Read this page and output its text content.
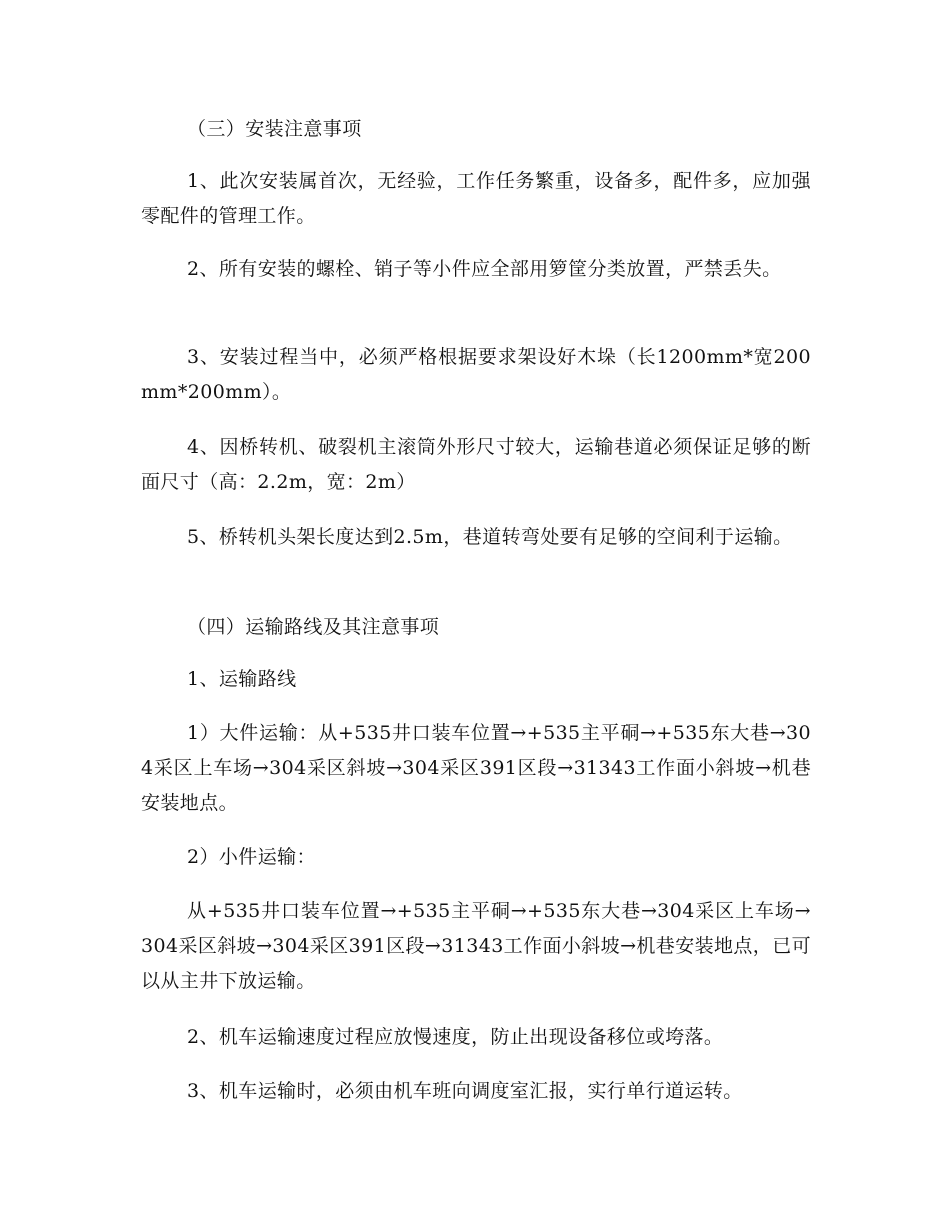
（三）安装注意事项

1、此次安装属首次，无经验，工作任务繁重，设备多，配件多，应加强零配件的管理工作。

2、所有安装的螺栓、销子等小件应全部用箩筐分类放置，严禁丢失。

3、安装过程当中，必须严格根据要求架设好木垛（长1200mm*宽200mm*200mm）。

4、因桥转机、破裂机主滚筒外形尺寸较大，运输巷道必须保证足够的断面尺寸（高：2.2m，宽：2m）

5、桥转机头架长度达到2.5m，巷道转弯处要有足够的空间利于运输。

（四）运输路线及其注意事项

1、运输路线

1）大件运输：从+535井口装车位置→+535主平硐→+535东大巷→304采区上车场→304采区斜坡→304采区391区段→31343工作面小斜坡→机巷安装地点。

2）小件运输：

从+535井口装车位置→+535主平硐→+535东大巷→304采区上车场→304采区斜坡→304采区391区段→31343工作面小斜坡→机巷安装地点，已可以从主井下放运输。

2、机车运输速度过程应放慢速度，防止出现设备移位或垮落。

3、机车运输时，必须由机车班向调度室汇报，实行单行道运转。
